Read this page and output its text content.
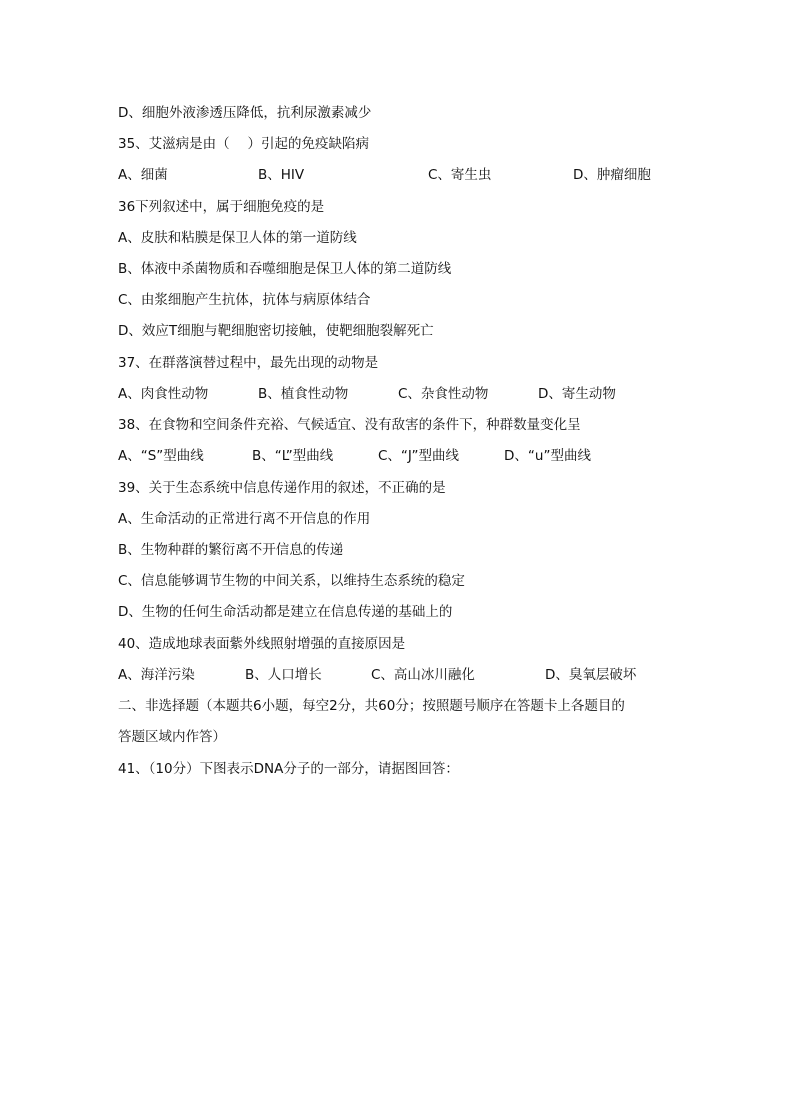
D、细胞外液渗透压降低，抗利尿激素减少
35、艾滋病是由（　 ）引起的免疫缺陷病
A、细菌	B、HIV	C、寄生虫	D、肿瘤细胞
36下列叙述中，属于细胞免疫的是
A、皮肤和粘膜是保卫人体的第一道防线
B、体液中杀菌物质和吞噬细胞是保卫人体的第二道防线
C、由浆细胞产生抗体，抗体与病原体结合
D、效应T细胞与靶细胞密切接触，使靶细胞裂解死亡
37、在群落演替过程中，最先出现的动物是
A、肉食性动物	B、植食性动物	C、杂食性动物	D、寄生动物
38、在食物和空间条件充裕、气候适宜、没有敌害的条件下，种群数量变化呈
A、“S”型曲线	B、“L”型曲线	C、“J”型曲线	D、“u”型曲线
39、关于生态系统中信息传递作用的叙述，不正确的是
A、生命活动的正常进行离不开信息的作用
B、生物种群的繁衍离不开信息的传递
C、信息能够调节生物的中间关系，以维持生态系统的稳定
D、生物的任何生命活动都是建立在信息传递的基础上的
40、造成地球表面紫外线照射增强的直接原因是
A、海洋污染	B、人口增长	C、高山冰川融化	D、臭氧层破坏
二、非选择题（本题共6小题，每空2分，共60分；按照题号顺序在答题卡上各题目的
答题区域内作答）
41、（10分）下图表示DNA分子的一部分，请据图回答：
